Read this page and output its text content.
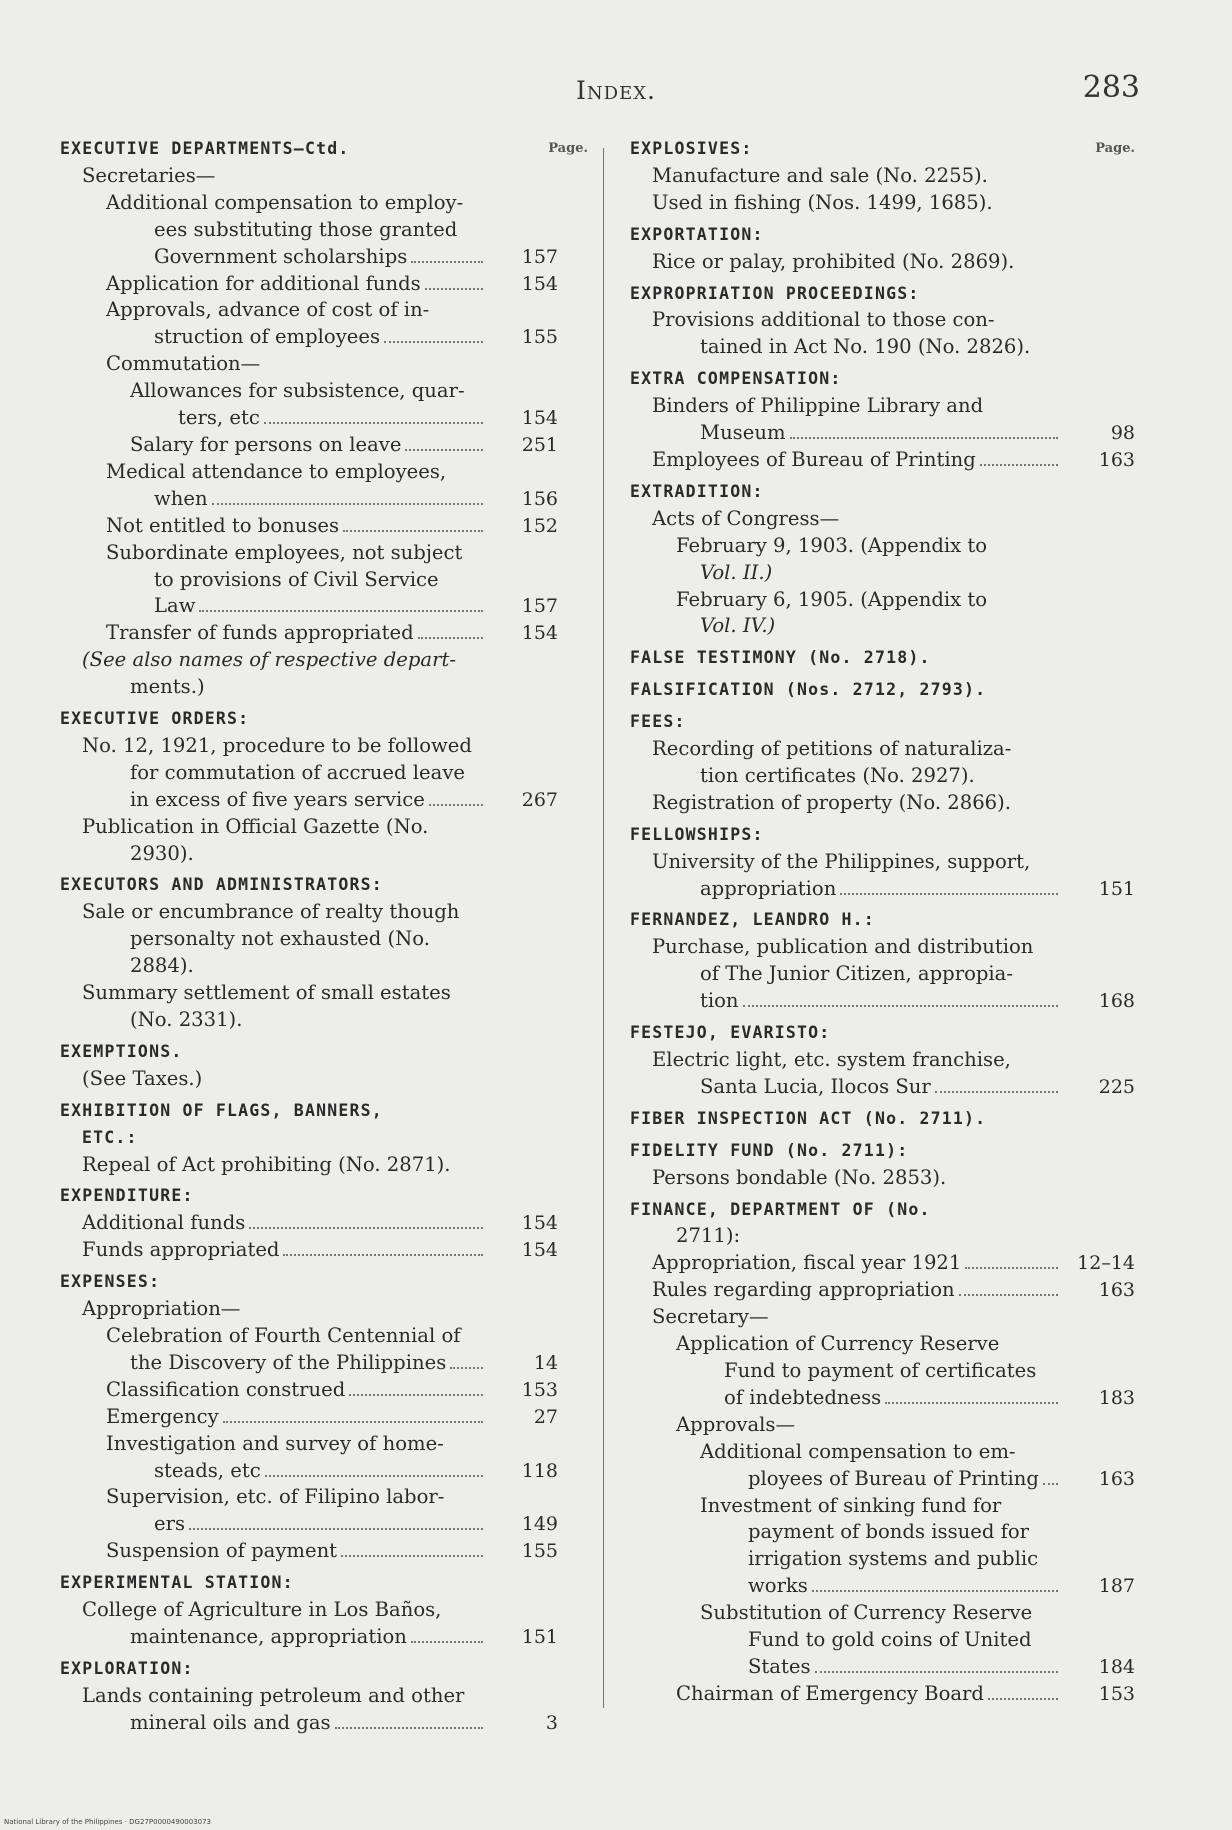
Index.	283
Page.
EXECUTIVE DEPARTMENTS—Ctd.
Secretaries—
Additional compensation to employ-
ees substituting those granted
Government scholarships	157
Application for additional funds	154
Approvals, advance of cost of in-
struction of employees	155
Commutation—
Allowances for subsistence, quar-
ters, etc	154
Salary for persons on leave	251
Medical attendance to employees,
when	156
Not entitled to bonuses	152
Subordinate employees, not subject
to provisions of Civil Service
Law	157
Transfer of funds appropriated	154
(See also names of respective depart-
ments.)
EXECUTIVE ORDERS:
No. 12, 1921, procedure to be followed
for commutation of accrued leave
in excess of five years service	267
Publication in Official Gazette (No.
2930).
EXECUTORS AND ADMINISTRATORS:
Sale or encumbrance of realty though
personalty not exhausted (No.
2884).
Summary settlement of small estates
(No. 2331).
EXEMPTIONS.
(See Taxes.)
EXHIBITION OF FLAGS, BANNERS,
ETC.:
Repeal of Act prohibiting (No. 2871).
EXPENDITURE:
Additional funds	154
Funds appropriated	154
EXPENSES:
Appropriation—
Celebration of Fourth Centennial of
the Discovery of the Philippines	14
Classification construed	153
Emergency	27
Investigation and survey of home-
steads, etc	118
Supervision, etc. of Filipino labor-
ers	149
Suspension of payment	155
EXPERIMENTAL STATION:
College of Agriculture in Los Baños,
maintenance, appropriation	151
EXPLORATION:
Lands containing petroleum and other
mineral oils and gas	3
Page.
EXPLOSIVES:
Manufacture and sale (No. 2255).
Used in fishing (Nos. 1499, 1685).
EXPORTATION:
Rice or palay, prohibited (No. 2869).
EXPROPRIATION PROCEEDINGS:
Provisions additional to those con-
tained in Act No. 190 (No. 2826).
EXTRA COMPENSATION:
Binders of Philippine Library and
Museum	98
Employees of Bureau of Printing	163
EXTRADITION:
Acts of Congress—
February 9, 1903. (Appendix to
Vol. II.)
February 6, 1905. (Appendix to
Vol. IV.)
FALSE TESTIMONY (No. 2718).
FALSIFICATION (Nos. 2712, 2793).
FEES:
Recording of petitions of naturaliza-
tion certificates (No. 2927).
Registration of property (No. 2866).
FELLOWSHIPS:
University of the Philippines, support,
appropriation	151
FERNANDEZ, LEANDRO H.:
Purchase, publication and distribution
of The Junior Citizen, appropia-
tion	168
FESTEJO, EVARISTO:
Electric light, etc. system franchise,
Santa Lucia, Ilocos Sur	225
FIBER INSPECTION ACT (No. 2711).
FIDELITY FUND (No. 2711):
Persons bondable (No. 2853).
FINANCE, DEPARTMENT OF (No.
2711):
Appropriation, fiscal year 1921	12–14
Rules regarding appropriation	163
Secretary—
Application of Currency Reserve
Fund to payment of certificates
of indebtedness	183
Approvals—
Additional compensation to em-
ployees of Bureau of Printing	163
Investment of sinking fund for
payment of bonds issued for
irrigation systems and public
works	187
Substitution of Currency Reserve
Fund to gold coins of United
States	184
Chairman of Emergency Board	153
National Library of the Philippines · DG27P0000490003073
